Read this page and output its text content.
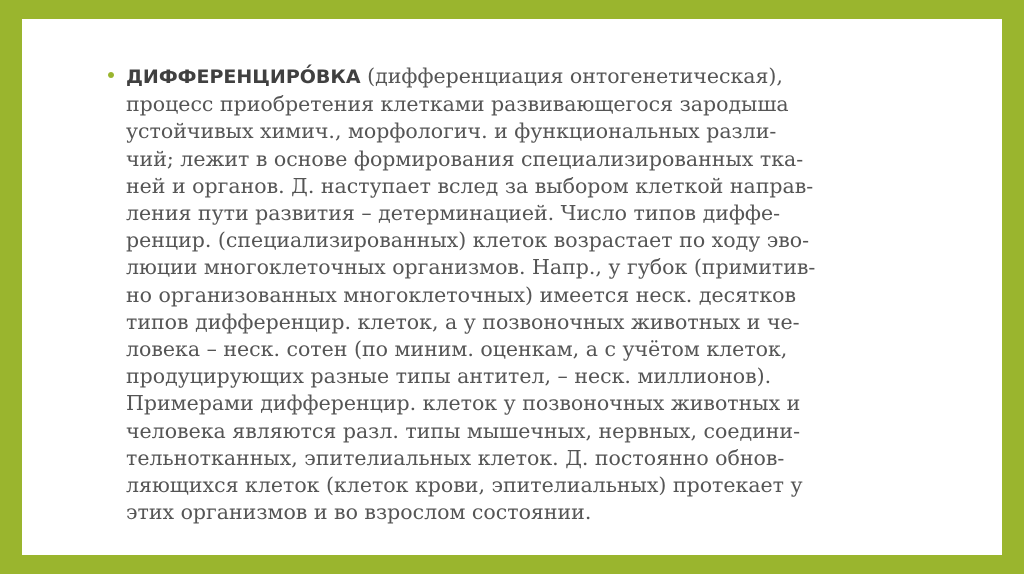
ДИФФЕРЕНЦИРО́ВКА (дифференциация онтогенетическая),
процесс приобретения клетками развивающегося зародыша
устойчивых химич., морфологич. и функциональных разли-
чий; лежит в основе формирования специализированных тка-
ней и органов. Д. наступает вслед за выбором клеткой направ-
ления пути развития – детерминацией. Число типов диффе-
ренцир. (специализированных) клеток возрастает по ходу эво-
люции многоклеточных организмов. Напр., у губок (примитив-
но организованных многоклеточных) имеется неск. десятков
типов дифференцир. клеток, а у позвоночных животных и че-
ловека – неск. сотен (по миним. оценкам, а с учётом клеток,
продуцирующих разные типы антител, – неск. миллионов).
Примерами дифференцир. клеток у позвоночных животных и
человека являются разл. типы мышечных, нервных, соедини-
тельнотканных, эпителиальных клеток. Д. постоянно обнов-
ляющихся клеток (клеток крови, эпителиальных) протекает у
этих организмов и во взрослом состоянии.
